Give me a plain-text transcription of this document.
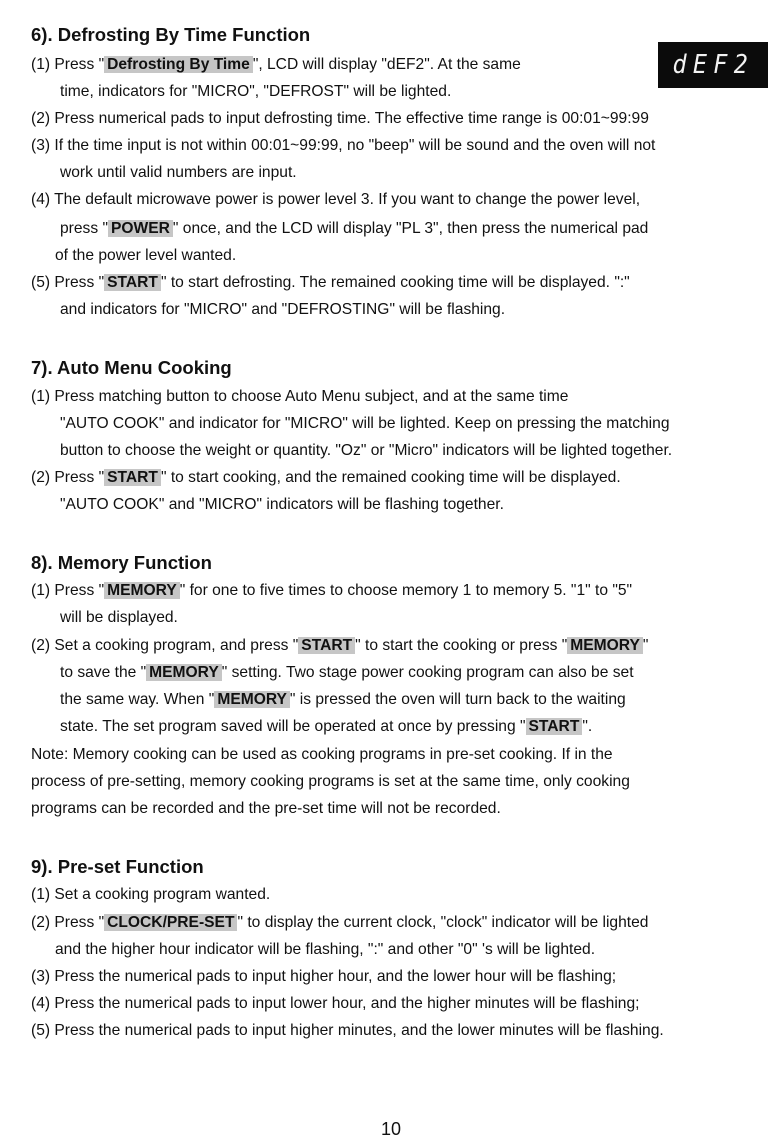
6). Defrosting By Time Function
dEF2
(1) Press " Defrosting By Time ", LCD will display "dEF2". At the same
time, indicators for "MICRO", "DEFROST" will be lighted.
(2) Press numerical pads to input defrosting time. The effective time range is 00:01~99:99
(3) If the time input is not within 00:01~99:99, no "beep" will be sound and the oven will not
work until valid numbers are input.
(4) The default microwave power is power level 3. If you want to change the power level,
press " POWER " once, and the LCD will display "PL 3", then press the numerical pad
of the power level wanted.
(5) Press " START " to start defrosting. The remained cooking time will be displayed. ":"
and indicators for "MICRO" and "DEFROSTING" will be flashing.
7). Auto Menu Cooking
(1) Press matching button to choose Auto Menu subject, and at the same time
"AUTO COOK" and indicator for "MICRO" will be lighted. Keep on pressing the matching
button to choose the weight or quantity. "Oz" or "Micro" indicators will be lighted together.
(2) Press " START " to start cooking, and the remained cooking time will be displayed.
"AUTO COOK" and "MICRO" indicators will be flashing together.
8). Memory Function
(1) Press " MEMORY " for one to five times to choose memory 1 to memory 5. "1" to "5"
will be displayed.
(2) Set a cooking program, and press " START " to start the cooking or press " MEMORY "
to save the " MEMORY " setting. Two stage power cooking program can also be set
the same way. When " MEMORY " is pressed the oven will turn back to the waiting
state. The set program saved will be operated at once by pressing " START ".
Note: Memory cooking can be used as cooking programs in pre-set cooking. If in the
process of pre-setting, memory cooking programs is set at the same time, only cooking
programs can be recorded and the pre-set time will not be recorded.
9). Pre-set Function
(1) Set a cooking program wanted.
(2) Press " CLOCK/PRE-SET " to display the current clock, "clock" indicator will be lighted
and the higher hour indicator will be flashing, ":" and other "0" 's will be lighted.
(3) Press the numerical pads to input higher hour, and the lower hour will be flashing;
(4) Press the numerical pads to input lower hour, and the higher minutes will be flashing;
(5) Press the numerical pads to input higher minutes, and the lower minutes will be flashing.
10
